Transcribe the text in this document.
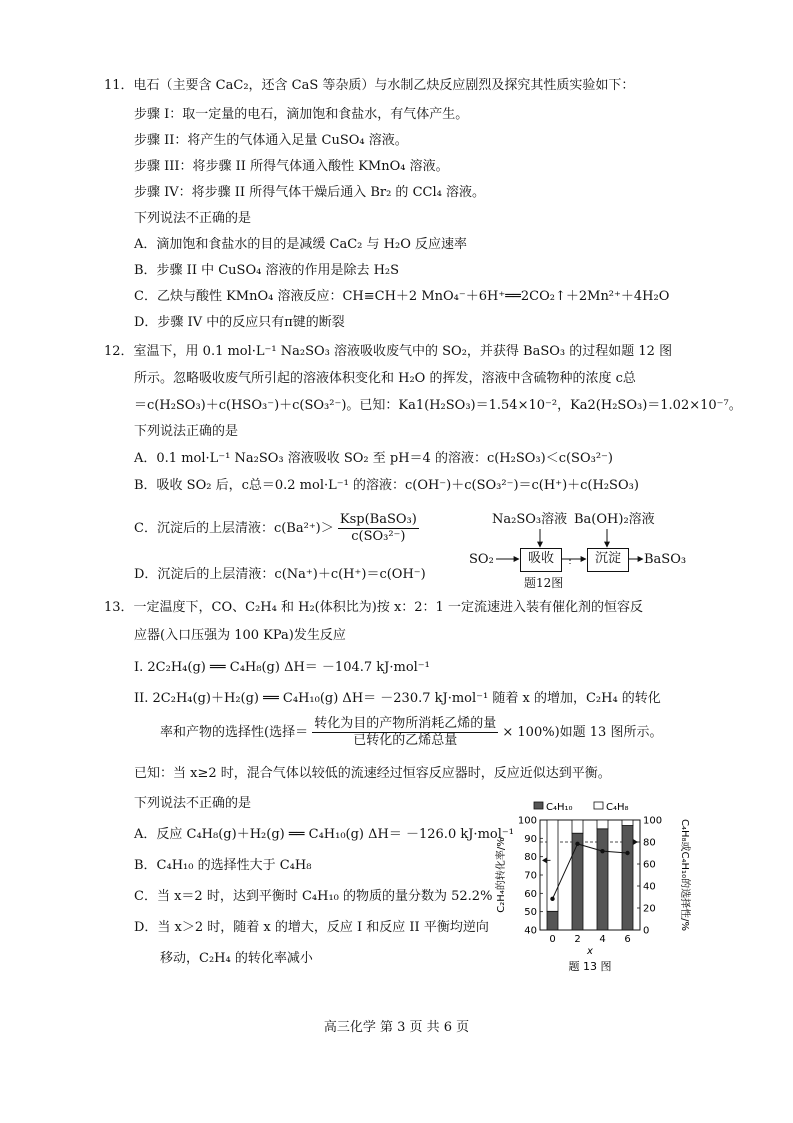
11．电石（主要含 CaC₂，还含 CaS 等杂质）与水制乙炔反应剧烈及探究其性质实验如下：
步骤 I：取一定量的电石，滴加饱和食盐水，有气体产生。
步骤 II：将产生的气体通入足量 CuSO₄ 溶液。
步骤 III：将步骤 II 所得气体通入酸性 KMnO₄ 溶液。
步骤 IV：将步骤 II 所得气体干燥后通入 Br₂ 的 CCl₄ 溶液。
下列说法不正确的是
A．滴加饱和食盐水的目的是减缓 CaC₂ 与 H₂O 反应速率
B．步骤 II 中 CuSO₄ 溶液的作用是除去 H₂S
C．乙炔与酸性 KMnO₄ 溶液反应：CH≡CH＋2 MnO₄⁻＋6H⁺══2CO₂↑＋2Mn²⁺＋4H₂O
D．步骤 IV 中的反应只有π键的断裂
12．室温下，用 0.1 mol·L⁻¹ Na₂SO₃ 溶液吸收废气中的 SO₂，并获得 BaSO₃ 的过程如题 12 图
所示。忽略吸收废气所引起的溶液体积变化和 H₂O 的挥发，溶液中含硫物种的浓度 c总
＝c(H₂SO₃)＋c(HSO₃⁻)＋c(SO₃²⁻)。已知：Ka1(H₂SO₃)＝1.54×10⁻²，Ka2(H₂SO₃)＝1.02×10⁻⁷。
下列说法正确的是
A．0.1 mol·L⁻¹ Na₂SO₃ 溶液吸收 SO₂ 至 pH＝4 的溶液：c(H₂SO₃)＜c(SO₃²⁻)
B．吸收 SO₂ 后，c总＝0.2 mol·L⁻¹ 的溶液：c(OH⁻)＋c(SO₃²⁻)＝c(H⁺)＋c(H₂SO₃)
C．沉淀后的上层清液：$c(Ba^{2+})> \frac{\text{Ksp(BaSO₃)}}{\text{c(SO₃²⁻)}}$
D．沉淀后的上层清液：c(Na⁺)＋c(H⁺)＝c(OH⁻)
Na₂SO₃溶液 Ba(OH)₂溶液
SO₂	吸收	沉淀	BaSO₃
题12图
13．一定温度下，CO、C₂H₄ 和 H₂(体积比为)按 x：2：1 一定流速进入装有催化剂的恒容反
应器(入口压强为 100 KPa)发生反应
I. 2C₂H₄(g) ══ C₄H₈(g) ΔH＝ －104.7 kJ·mol⁻¹
II. 2C₂H₄(g)＋H₂(g) ══ C₄H₁₀(g) ΔH＝ －230.7 kJ·mol⁻¹ 随着 x 的增加，C₂H₄ 的转化
率和产物的选择性(选择＝ $\frac{\text{转化为目的产物所消耗乙烯的量}}{\text{已转化的乙烯总量}} \times 100\%$)如题 13 图所示。
已知：当 x≥2 时，混合气体以较低的流速经过恒容反应器时，反应近似达到平衡。
下列说法不正确的是
A．反应 C₄H₈(g)＋H₂(g) ══ C₄H₁₀(g) ΔH＝ －126.0 kJ·mol⁻¹
B．C₄H₁₀ 的选择性大于 C₄H₈
C．当 x＝2 时，达到平衡时 C₄H₁₀ 的物质的量分数为 52.2%
D．当 x＞2 时，随着 x 的增大，反应 I 和反应 II 平衡均逆向
移动，C₂H₄ 的转化率减小
C₄H₁₀	C₄H₈
40
50
60
70
80
90
100
0
20
40
60
80
100
0 2 4 6
x
C₂H₄的转化率/%	C₄H₈或C₄H₁₀的选择性/%
题 13 图
高三化学 第 3 页 共 6 页
